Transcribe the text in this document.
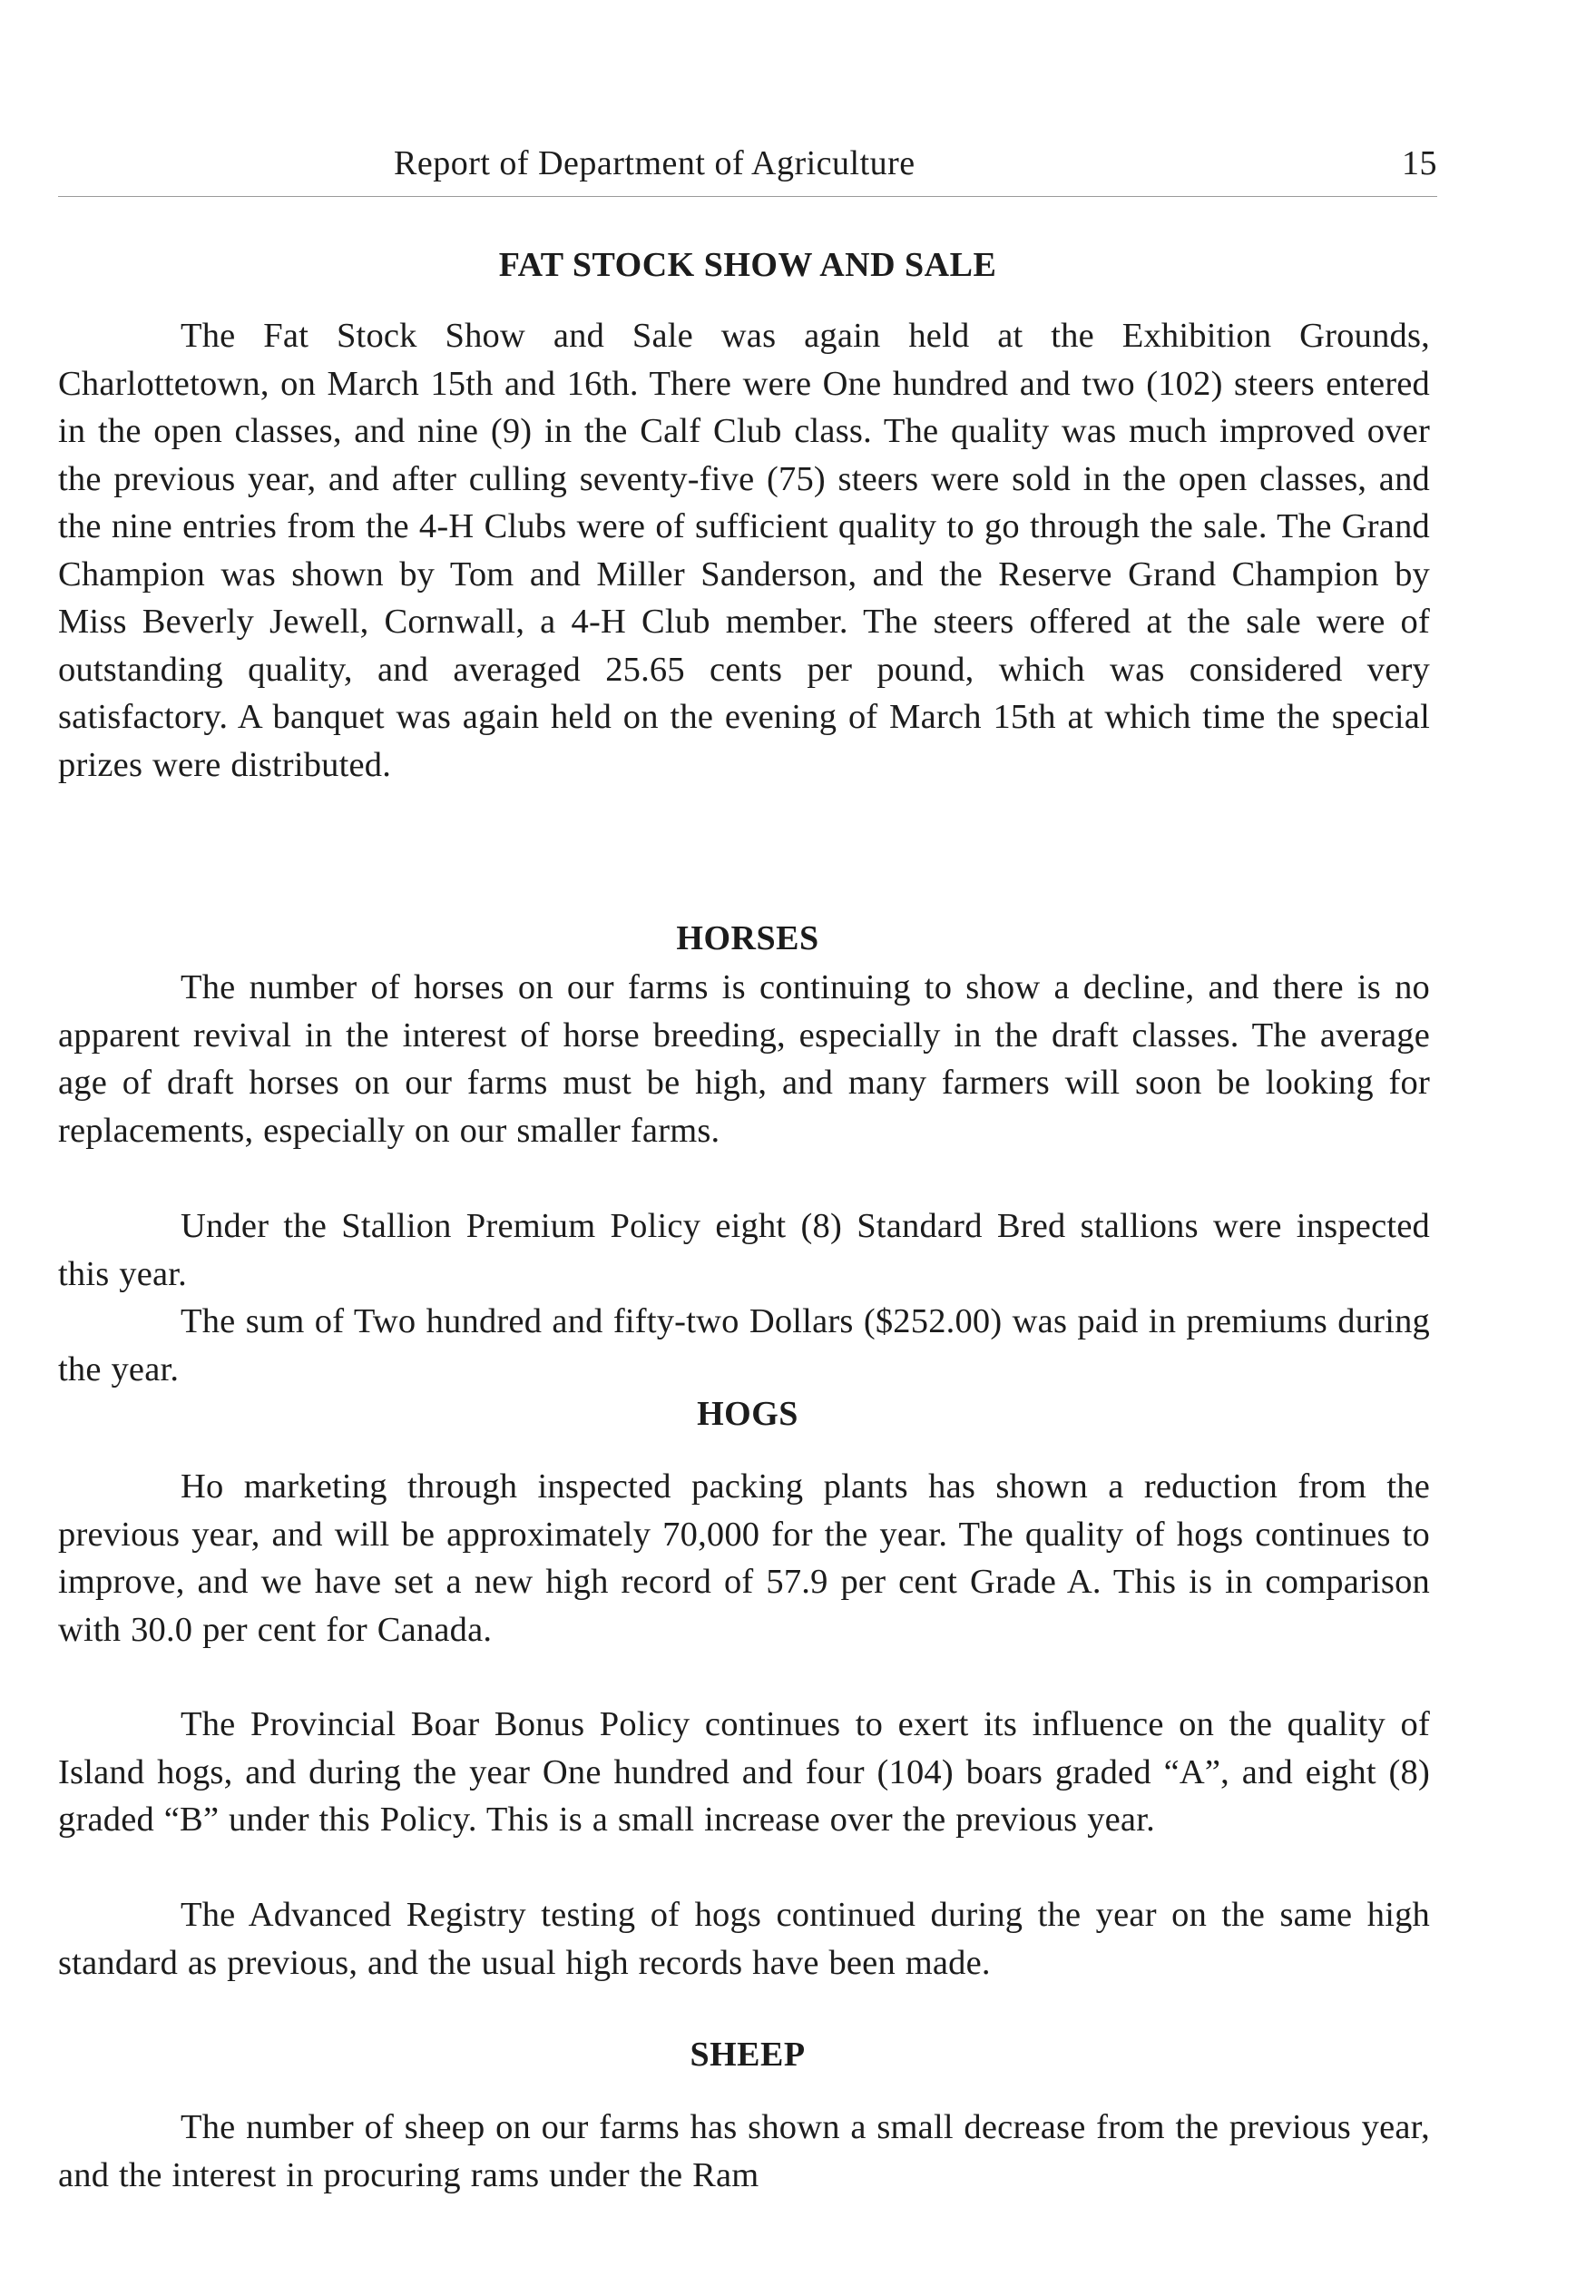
Report of Department of Agriculture	15
FAT STOCK SHOW AND SALE

The Fat Stock Show and Sale was again held at the Exhibition Grounds, Charlottetown, on March 15th and 16th. There were One hundred and two (102) steers entered in the open classes, and nine (9) in the Calf Club class. The quality was much improved over the previous year, and after culling seventy-five (75) steers were sold in the open classes, and the nine entries from the 4-H Clubs were of sufficient quality to go through the sale. The Grand Champion was shown by Tom and Miller Sanderson, and the Reserve Grand Champion by Miss Beverly Jewell, Cornwall, a 4-H Club member. The steers offered at the sale were of outstanding quality, and averaged 25.65 cents per pound, which was considered very satisfactory. A banquet was again held on the evening of March 15th at which time the special prizes were distributed.

HORSES

The number of horses on our farms is continuing to show a decline, and there is no apparent revival in the interest of horse breeding, especially in the draft classes. The average age of draft horses on our farms must be high, and many farmers will soon be looking for replacements, especially on our smaller farms.

Under the Stallion Premium Policy eight (8) Standard Bred stallions were inspected this year.

The sum of Two hundred and fifty-two Dollars ($252.00) was paid in premiums during the year.

HOGS

Ho marketing through inspected packing plants has shown a reduction from the previous year, and will be approximately 70,000 for the year. The quality of hogs continues to improve, and we have set a new high record of 57.9 per cent Grade A. This is in comparison with 30.0 per cent for Canada.

The Provincial Boar Bonus Policy continues to exert its influence on the quality of Island hogs, and during the year One hundred and four (104) boars graded “A”, and eight (8) graded “B” under this Policy. This is a small increase over the previous year.

The Advanced Registry testing of hogs continued during the year on the same high standard as previous, and the usual high records have been made.

SHEEP

The number of sheep on our farms has shown a small decrease from the previous year, and the interest in procuring rams under the Ram
